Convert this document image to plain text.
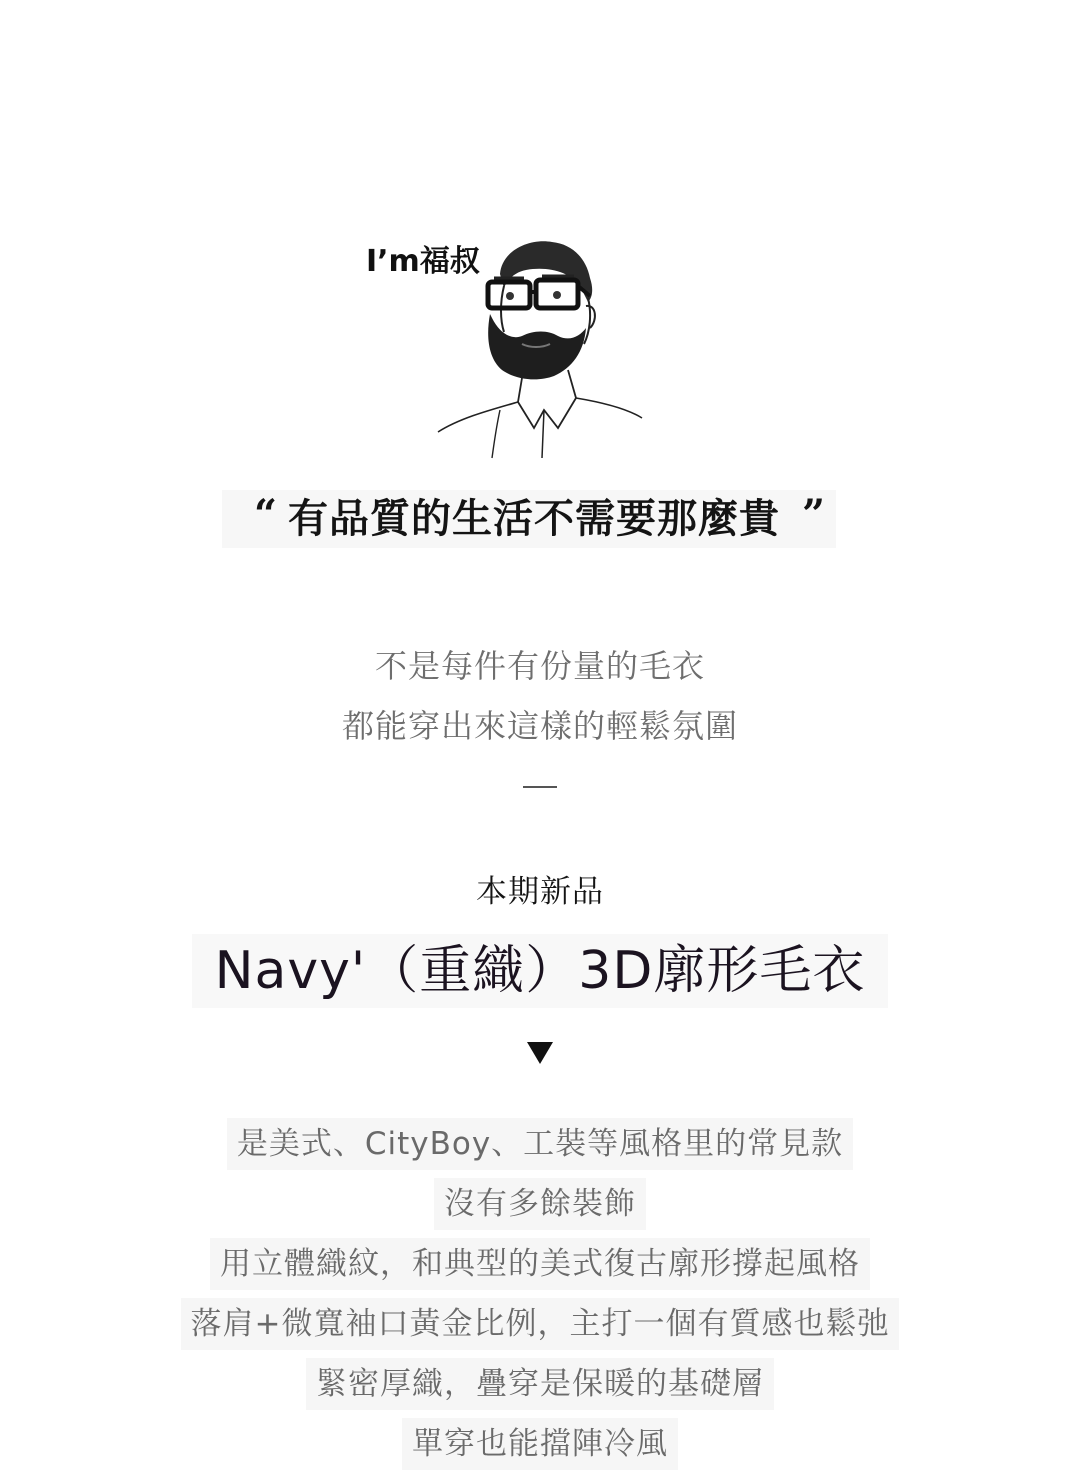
I’m福叔
“ 有品質的生活不需要那麼貴 ”
不是每件有份量的毛衣
都能穿出來這樣的輕鬆氛圍
本期新品
Navy'（重織）3D廓形毛衣
是美式、CityBoy、工裝等風格里的常見款
沒有多餘裝飾
用立體織紋，和典型的美式復古廓形撐起風格
落肩+微寬袖口黃金比例，主打一個有質感也鬆弛
緊密厚織，疊穿是保暖的基礎層
單穿也能擋陣冷風
